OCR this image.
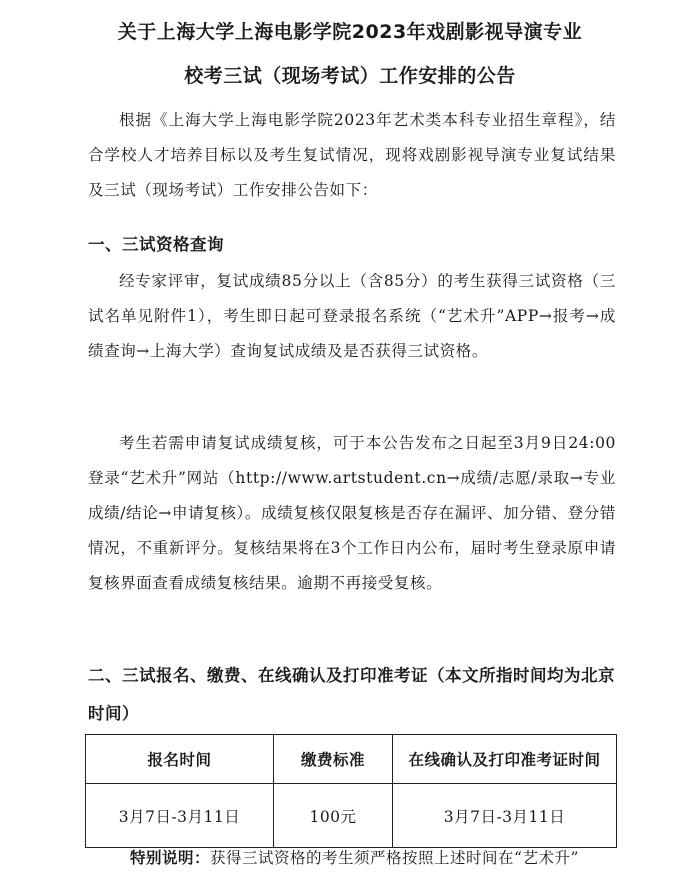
关于上海大学上海电影学院2023年戏剧影视导演专业
校考三试（现场考试）工作安排的公告

根据《上海大学上海电影学院2023年艺术类本科专业招生章程》，结合学校人才培养目标以及考生复试情况，现将戏剧影视导演专业复试结果及三试（现场考试）工作安排公告如下：

一、三试资格查询

经专家评审，复试成绩85分以上（含85分）的考生获得三试资格（三试名单见附件1），考生即日起可登录报名系统（“艺术升”APP→报考→成绩查询→上海大学）查询复试成绩及是否获得三试资格。

考生若需申请复试成绩复核，可于本公告发布之日起至3月9日24:00登录“艺术升”网站（http://www.artstudent.cn→成绩/志愿/录取→专业成绩/结论→申请复核）。成绩复核仅限复核是否存在漏评、加分错、登分错情况，不重新评分。复核结果将在3个工作日内公布，届时考生登录原申请复核界面查看成绩复核结果。逾期不再接受复核。

二、三试报名、缴费、在线确认及打印准考证（本文所指时间均为北京时间）
报名时间	缴费标准	在线确认及打印准考证时间
3月7日-3月11日	100元	3月7日-3月11日
特别说明：获得三试资格的考生须严格按照上述时间在“艺术升”
